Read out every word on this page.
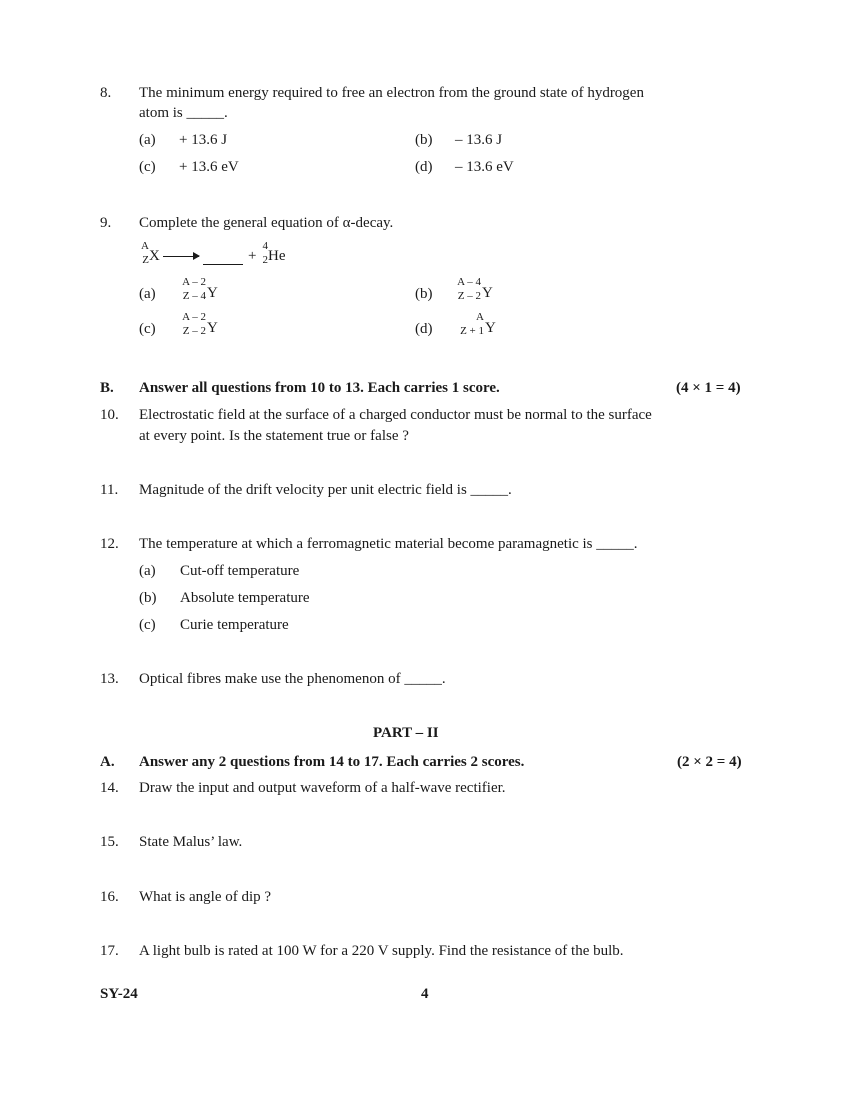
8. The minimum energy required to free an electron from the ground state of hydrogen
atom is _____.
(a) + 13.6 J	(b) – 13.6 J
(c) + 13.6 eV	(d) – 13.6 eV
9. Complete the general equation of α-decay.
A
Z X →	+
4
2 He
(a)
A – 2
Z – 4 Y	(b)
A – 4
Z – 2 Y
(c)
A – 2
Z – 2 Y	(d)
A
Z + 1 Y
B. Answer all questions from 10 to 13. Each carries 1 score.	(4 × 1 = 4)
10. Electrostatic field at the surface of a charged conductor must be normal to the surface
at every point. Is the statement true or false ?
11. Magnitude of the drift velocity per unit electric field is _____.
12. The temperature at which a ferromagnetic material become paramagnetic is _____.
(a) Cut-off temperature
(b) Absolute temperature
(c) Curie temperature
13. Optical fibres make use the phenomenon of _____.
PART – II
A. Answer any 2 questions from 14 to 17. Each carries 2 scores.	(2 × 2 = 4)
14. Draw the input and output waveform of a half-wave rectifier.
15. State Malus’ law.
16. What is angle of dip ?
17. A light bulb is rated at 100 W for a 220 V supply. Find the resistance of the bulb.
SY-24	4
